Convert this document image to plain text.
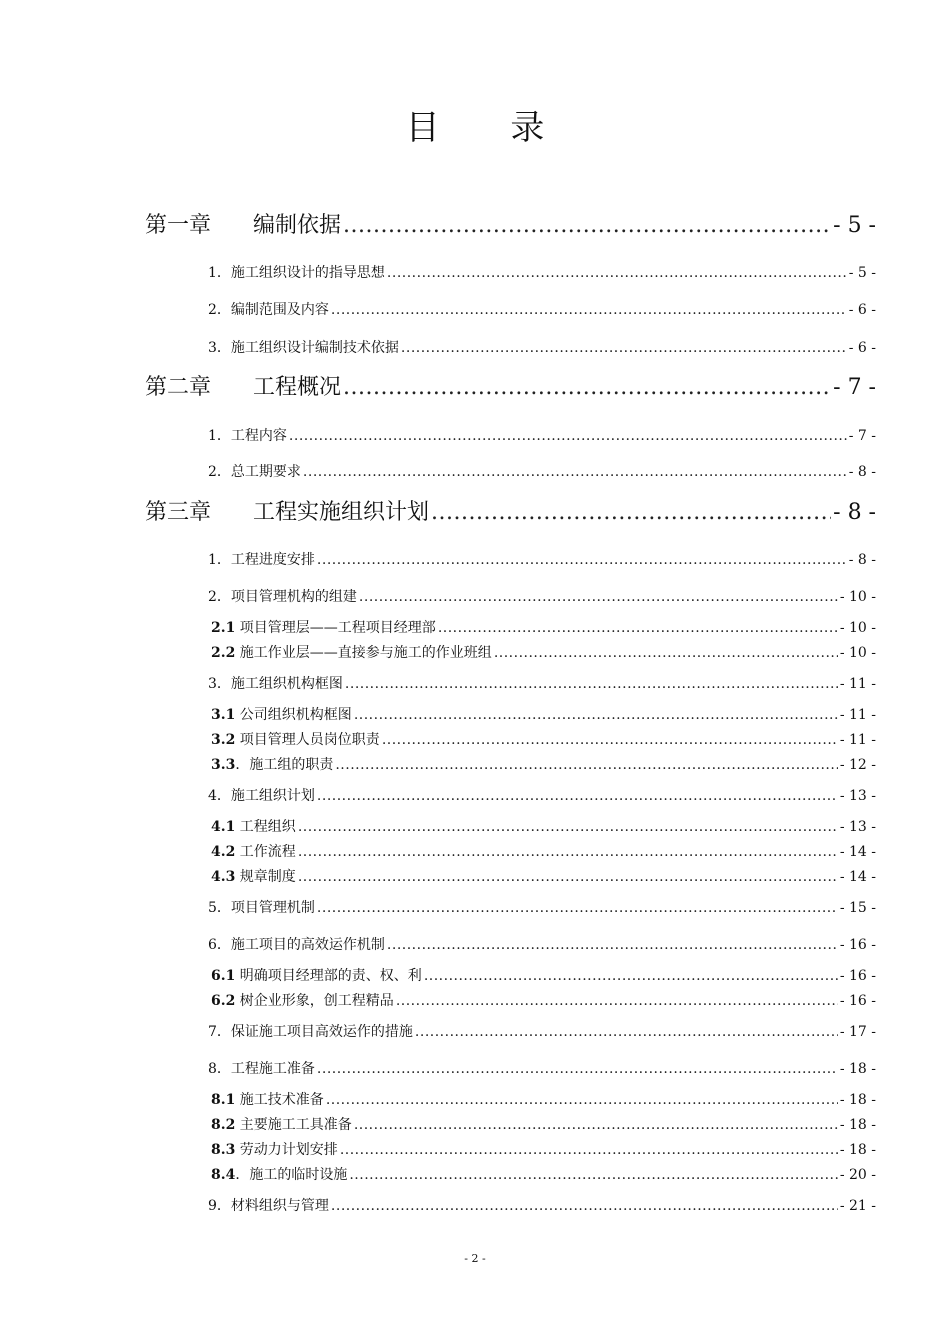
目 录
第一章 编制依据 .....	- 5 -
1．施工组织设计的指导思想 .....	- 5 -
2．编制范围及内容 .....	- 6 -
3．施工组织设计编制技术依据 .....	- 6 -
第二章 工程概况 .....	- 7 -
1．工程内容 .....	- 7 -
2．总工期要求 .....	- 8 -
第三章 工程实施组织计划 .....	- 8 -
1．工程进度安排 .....	- 8 -
2．项目管理机构的组建 .....	- 10 -
2.1 项目管理层——工程项目经理部 .....	- 10 -
2.2 施工作业层——直接参与施工的作业班组 .....	- 10 -
3．施工组织机构框图 .....	- 11 -
3.1 公司组织机构框图 .....	- 11 -
3.2 项目管理人员岗位职责 .....	- 11 -
3.3．施工组的职责 .....	- 12 -
4．施工组织计划 .....	- 13 -
4.1 工程组织 .....	- 13 -
4.2 工作流程 .....	- 14 -
4.3 规章制度 .....	- 14 -
5．项目管理机制 .....	- 15 -
6．施工项目的高效运作机制 .....	- 16 -
6.1 明确项目经理部的责、权、利 .....	- 16 -
6.2 树企业形象，创工程精品 .....	- 16 -
7．保证施工项目高效运作的措施 .....	- 17 -
8．工程施工准备 .....	- 18 -
8.1 施工技术准备 .....	- 18 -
8.2 主要施工工具准备 .....	- 18 -
8.3 劳动力计划安排 .....	- 18 -
8.4．施工的临时设施 .....	- 20 -
9．材料组织与管理 .....	- 21 -
- 2 -
